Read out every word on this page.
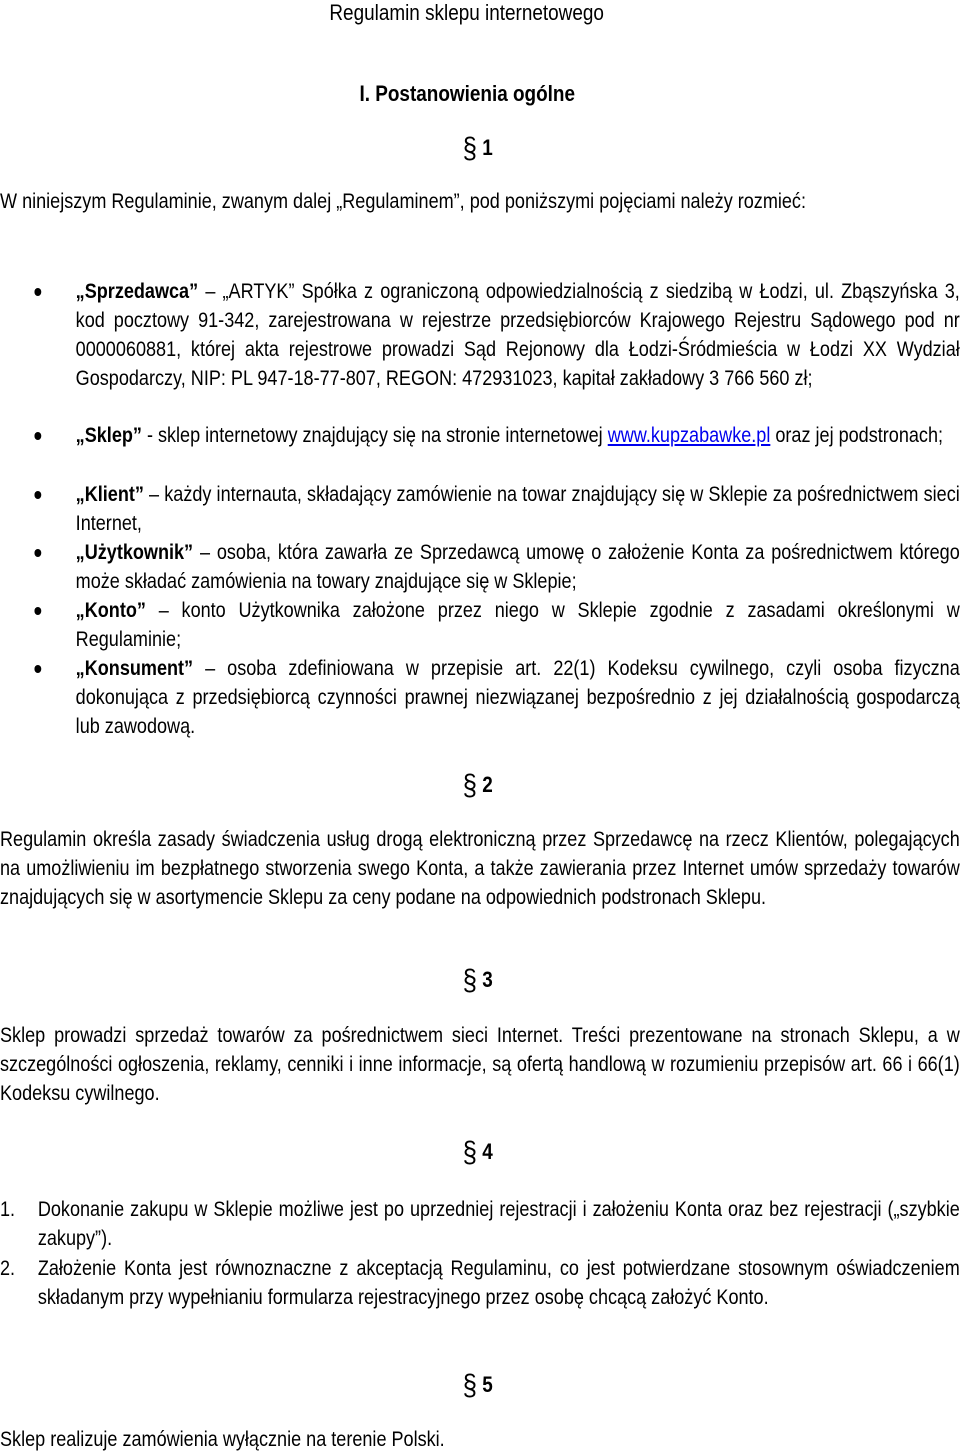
Regulamin sklepu internetowego
I. Postanowienia ogólne
§ 1
W niniejszym Regulaminie, zwanym dalej „Regulaminem”, pod poniższymi pojęciami należy rozmieć:
„Sprzedawca” – „ARTYK” Spółka z ograniczoną odpowiedzialnością z siedzibą w Łodzi, ul. Zbąszyńska 3, kod pocztowy 91-342, zarejestrowana w rejestrze przedsiębiorców Krajowego Rejestru Sądowego pod nr 0000060881, której akta rejestrowe prowadzi Sąd Rejonowy dla Łodzi-Śródmieścia w Łodzi XX Wydział Gospodarczy, NIP: PL 947-18-77-807, REGON: 472931023, kapitał zakładowy 3 766 560 zł;
„Sklep” - sklep internetowy znajdujący się na stronie internetowej www.kupzabawke.pl oraz jej podstronach;
„Klient” – każdy internauta, składający zamówienie na towar znajdujący się w Sklepie za pośrednictwem sieci Internet,
„Użytkownik” – osoba, która zawarła ze Sprzedawcą umowę o założenie Konta za pośrednictwem którego może składać zamówienia na towary znajdujące się w Sklepie;
„Konto” – konto Użytkownika założone przez niego w Sklepie zgodnie z zasadami określonymi w Regulaminie;
„Konsument” – osoba zdefiniowana w przepisie art. 22(1) Kodeksu cywilnego, czyli osoba fizyczna dokonująca z przedsiębiorcą czynności prawnej niezwiązanej bezpośrednio z jej działalnością gospodarczą lub zawodową.
§ 2
Regulamin określa zasady świadczenia usług drogą elektroniczną przez Sprzedawcę na rzecz Klientów, polegających na umożliwieniu im bezpłatnego stworzenia swego Konta, a także zawierania przez Internet umów sprzedaży towarów znajdujących się w asortymencie Sklepu za ceny podane na odpowiednich podstronach Sklepu.
§ 3
Sklep prowadzi sprzedaż towarów za pośrednictwem sieci Internet. Treści prezentowane na stronach Sklepu, a w szczególności ogłoszenia, reklamy, cenniki i inne informacje, są ofertą handlową w rozumieniu przepisów art. 66 i 66(1) Kodeksu cywilnego.
§ 4
1. Dokonanie zakupu w Sklepie możliwe jest po uprzedniej rejestracji i założeniu Konta oraz bez rejestracji („szybkie zakupy”).
2. Założenie Konta jest równoznaczne z akceptacją Regulaminu, co jest potwierdzane stosownym oświadczeniem składanym przy wypełnianiu formularza rejestracyjnego przez osobę chcącą założyć Konto.
§ 5
Sklep realizuje zamówienia wyłącznie na terenie Polski.
